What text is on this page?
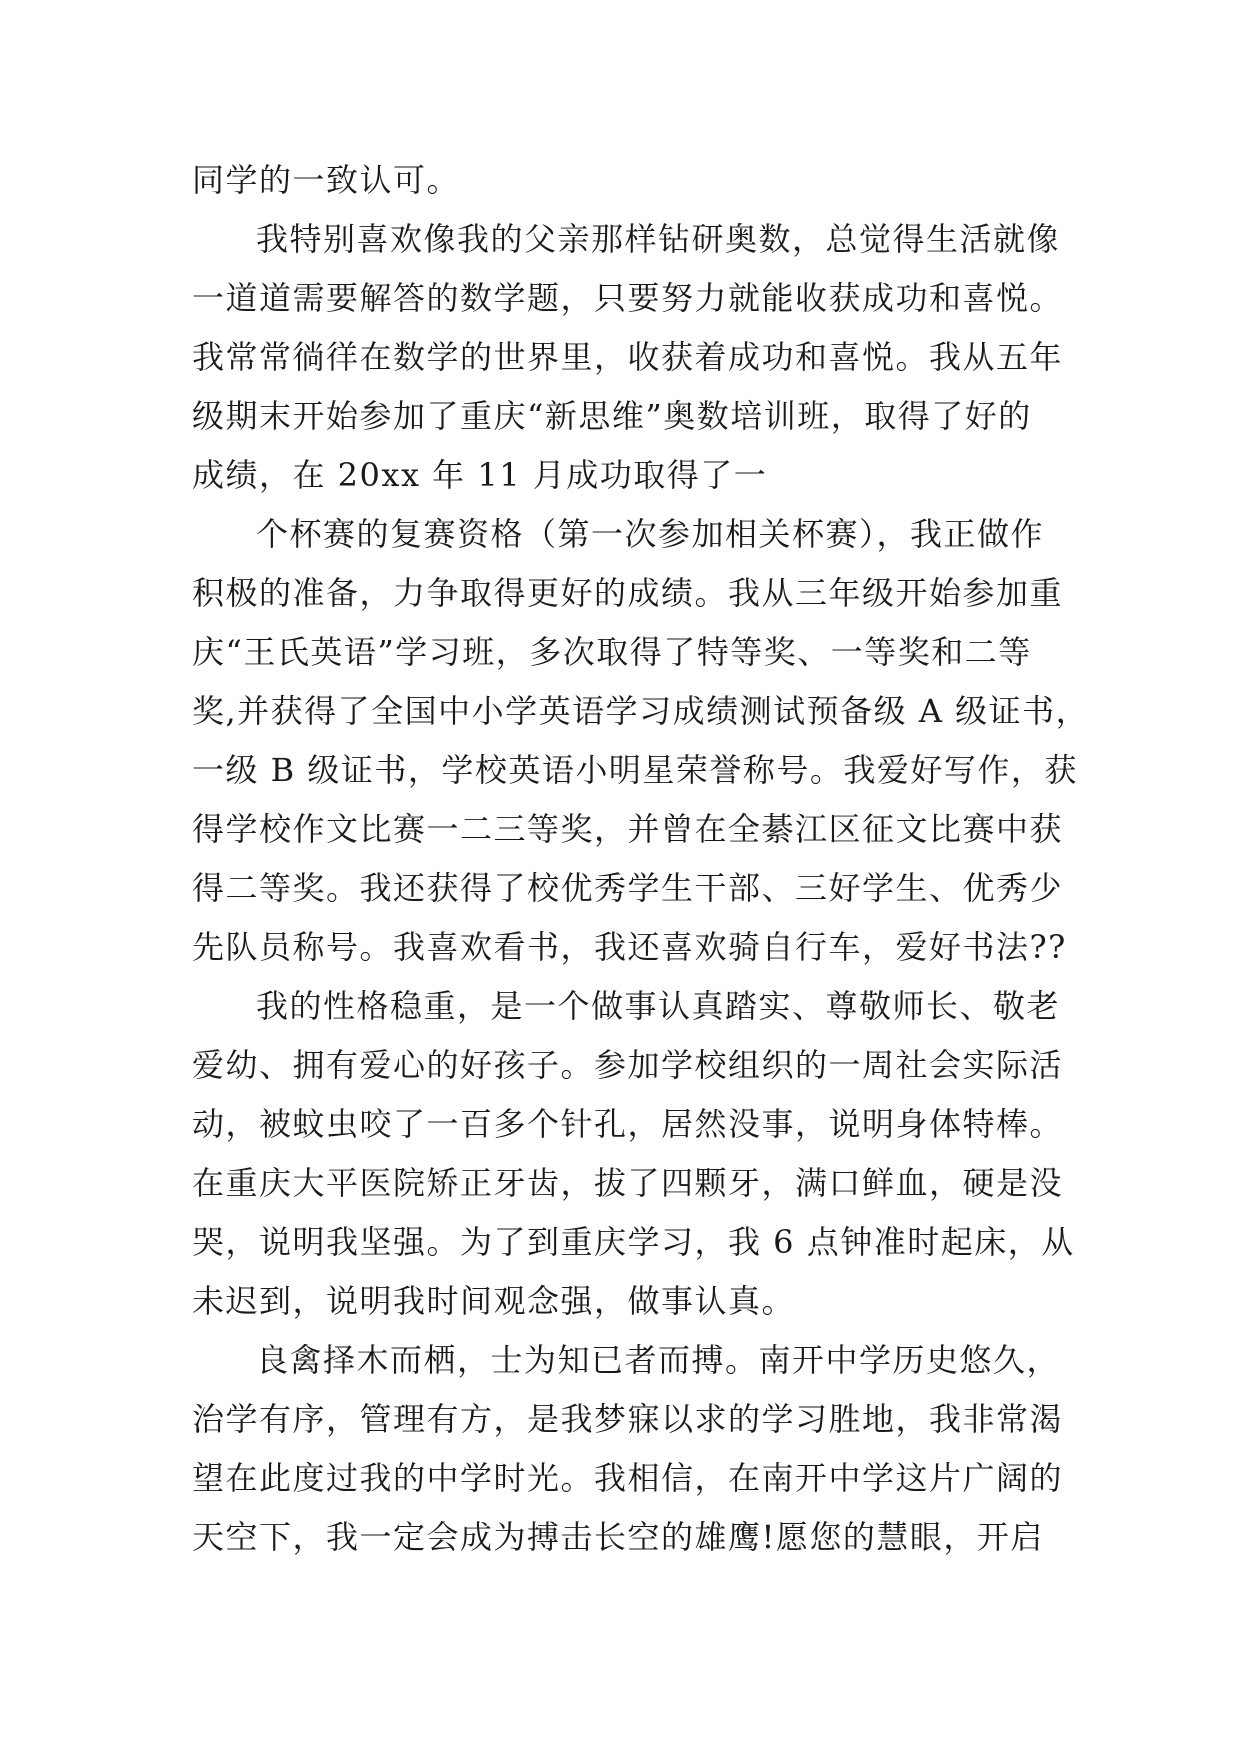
同学的一致认可。
我特别喜欢像我的父亲那样钻研奥数，总觉得生活就像
一道道需要解答的数学题，只要努力就能收获成功和喜悦。
我常常徜徉在数学的世界里，收获着成功和喜悦。我从五年
级期末开始参加了重庆“新思维”奥数培训班，取得了好的
成绩，在 20xx 年 11 月成功取得了一
个杯赛的复赛资格（第一次参加相关杯赛），我正做作
积极的准备，力争取得更好的成绩。我从三年级开始参加重
庆“王氏英语”学习班，多次取得了特等奖、一等奖和二等
奖,并获得了全国中小学英语学习成绩测试预备级 A 级证书，
一级 B 级证书，学校英语小明星荣誉称号。我爱好写作，获
得学校作文比赛一二三等奖，并曾在全綦江区征文比赛中获
得二等奖。我还获得了校优秀学生干部、三好学生、优秀少
先队员称号。我喜欢看书，我还喜欢骑自行车，爱好书法??
我的性格稳重，是一个做事认真踏实、尊敬师长、敬老
爱幼、拥有爱心的好孩子。参加学校组织的一周社会实际活
动，被蚊虫咬了一百多个针孔，居然没事，说明身体特棒。
在重庆大平医院矫正牙齿，拔了四颗牙，满口鲜血，硬是没
哭，说明我坚强。为了到重庆学习，我 6 点钟准时起床，从
未迟到，说明我时间观念强，做事认真。
良禽择木而栖，士为知已者而搏。南开中学历史悠久，
治学有序，管理有方，是我梦寐以求的学习胜地，我非常渴
望在此度过我的中学时光。我相信，在南开中学这片广阔的
天空下，我一定会成为搏击长空的雄鹰!愿您的慧眼，开启
